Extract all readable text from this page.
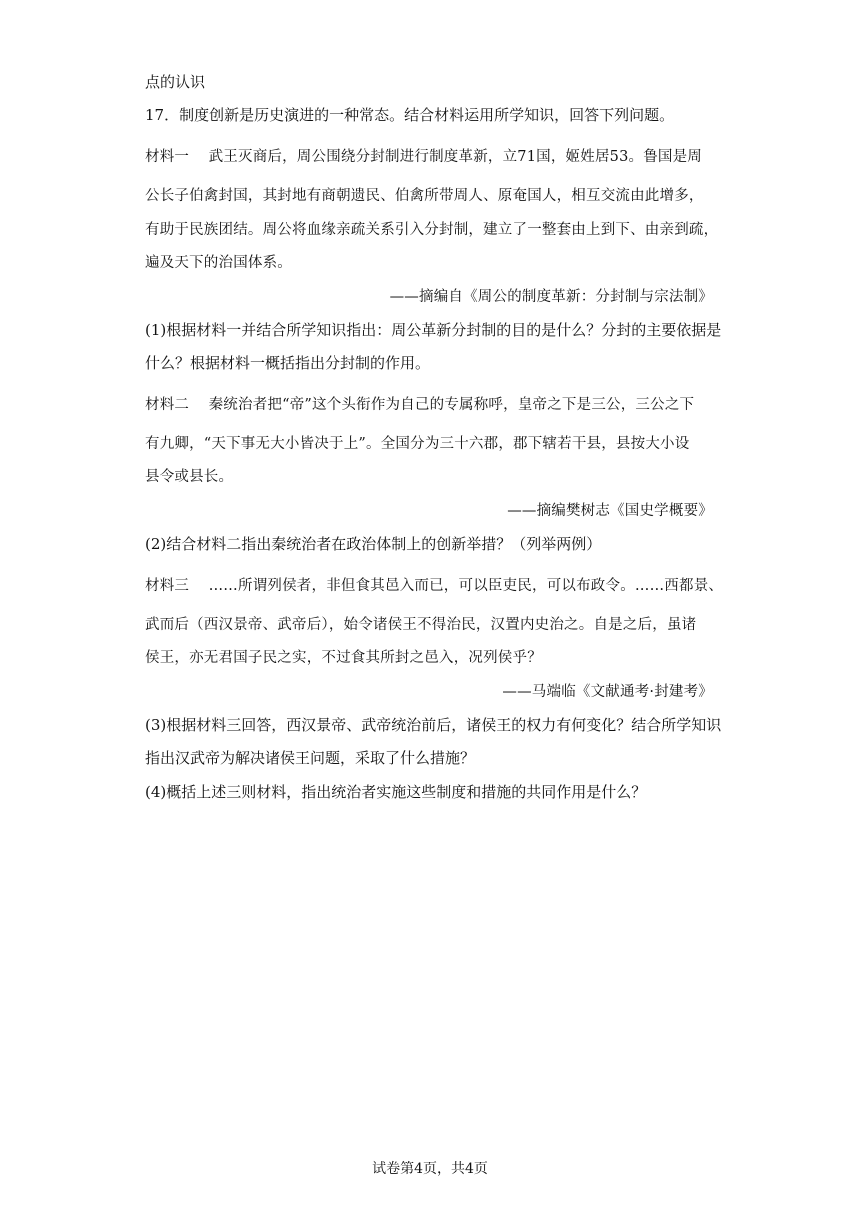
点的认识
17．制度创新是历史演进的一种常态。结合材料运用所学知识，回答下列问题。
材料一　 武王灭商后，周公围绕分封制进行制度革新，立71国，姬姓居53。鲁国是周
公长子伯禽封国，其封地有商朝遗民、伯禽所带周人、原奄国人，相互交流由此增多，
有助于民族团结。周公将血缘亲疏关系引入分封制，建立了一整套由上到下、由亲到疏，
遍及天下的治国体系。
——摘编自《周公的制度革新：分封制与宗法制》
(1)根据材料一并结合所学知识指出：周公革新分封制的目的是什么？分封的主要依据是
什么？根据材料一概括指出分封制的作用。
材料二　 秦统治者把“帝”这个头衔作为自己的专属称呼，皇帝之下是三公，三公之下
有九卿，“天下事无大小皆决于上”。全国分为三十六郡，郡下辖若干县，县按大小设
县令或县长。
——摘编樊树志《国史学概要》
(2)结合材料二指出秦统治者在政治体制上的创新举措？（列举两例）
材料三　 ……所谓列侯者，非但食其邑入而已，可以臣吏民，可以布政令。……西都景、
武而后（西汉景帝、武帝后），始令诸侯王不得治民，汉置内史治之。自是之后，虽诸
侯王，亦无君国子民之实，不过食其所封之邑入，况列侯乎？
——马端临《文献通考·封建考》
(3)根据材料三回答，西汉景帝、武帝统治前后，诸侯王的权力有何变化？结合所学知识
指出汉武帝为解决诸侯王问题，采取了什么措施？
(4)概括上述三则材料，指出统治者实施这些制度和措施的共同作用是什么？
试卷第4页，共4页
